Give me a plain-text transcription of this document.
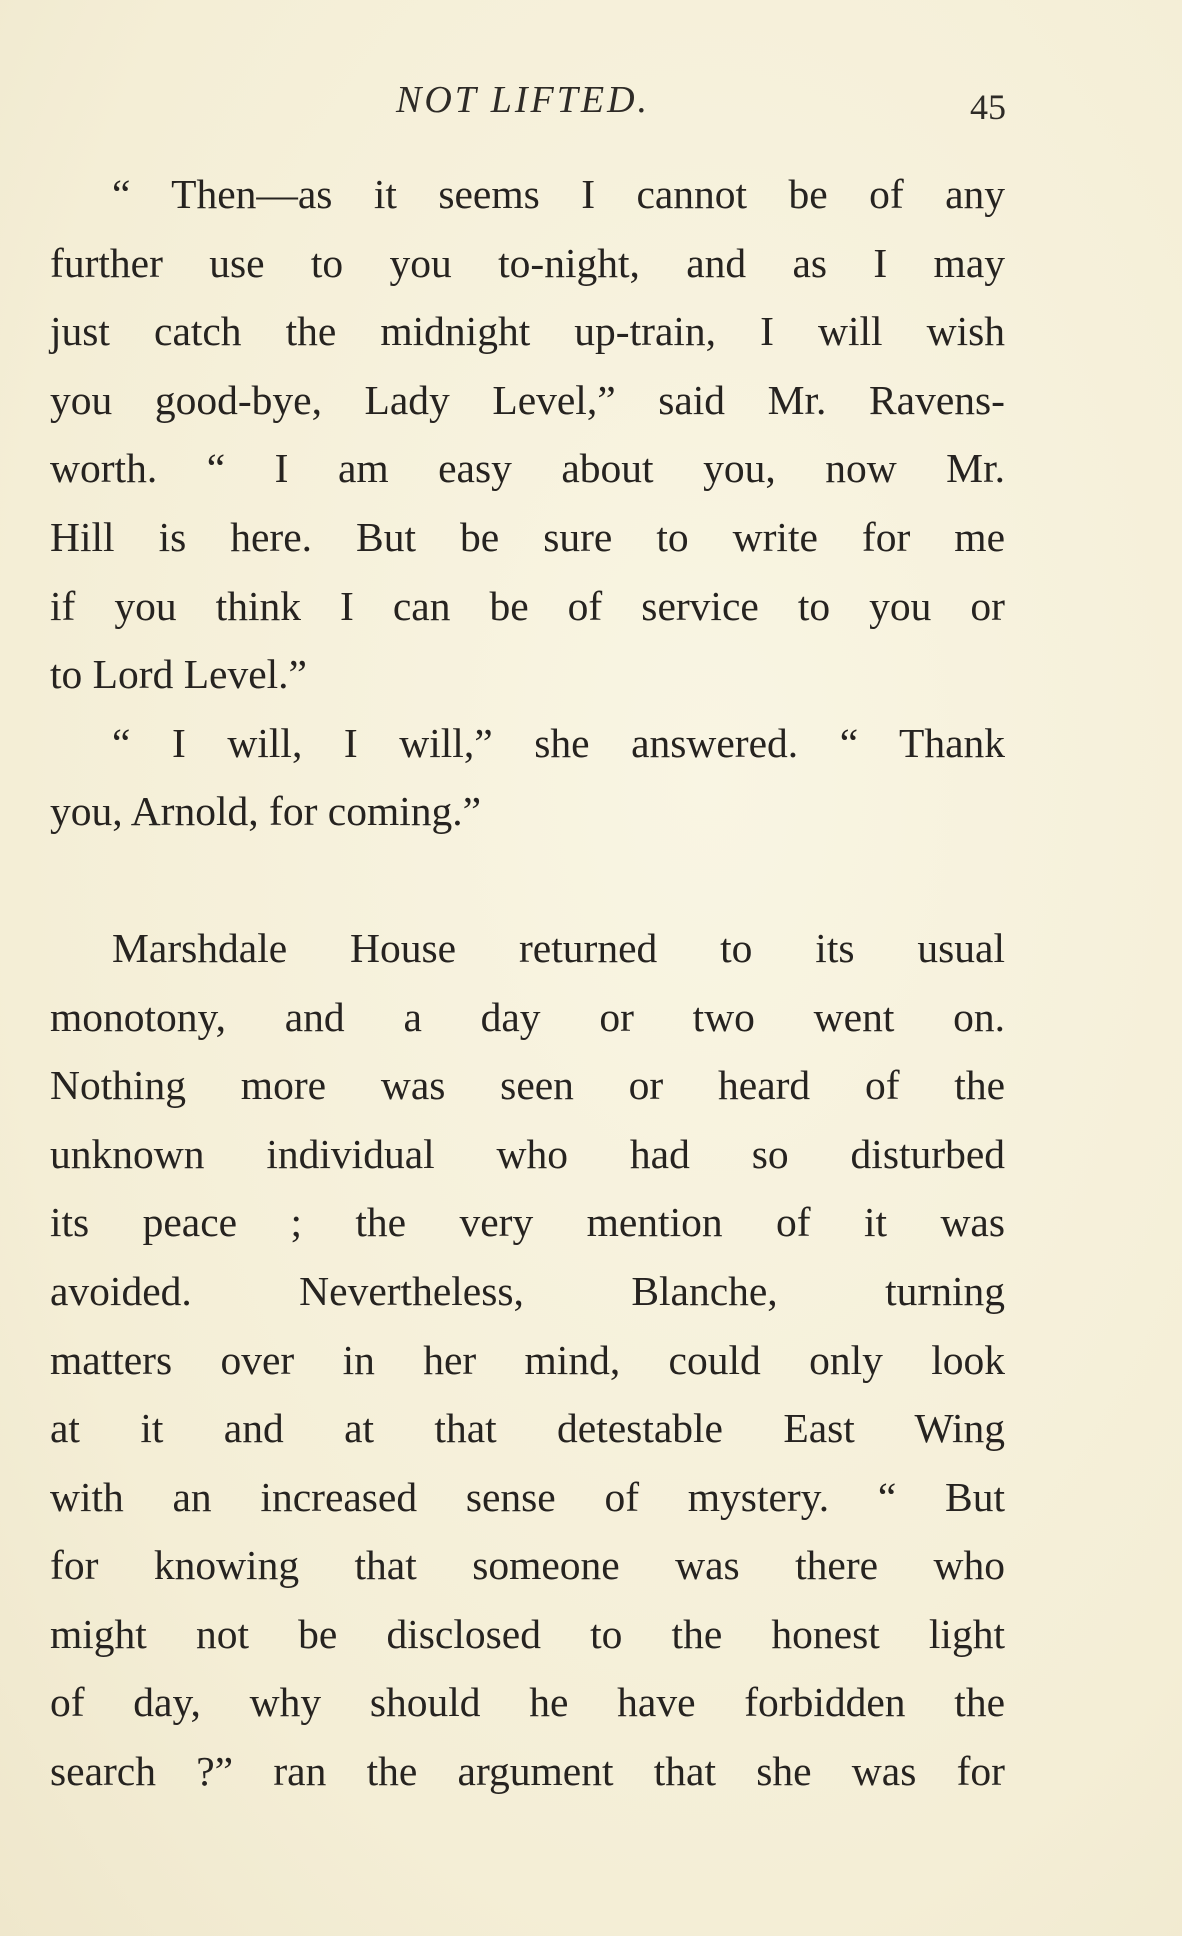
NOT LIFTED.	45
“ Then—as it seems I cannot be of any
further use to you to-night, and as I may
just catch the midnight up-train, I will wish
you good-bye, Lady Level,” said Mr. Ravens-
worth. “ I am easy about you, now Mr.
Hill is here. But be sure to write for me
if you think I can be of service to you or
to Lord Level.”
“ I will, I will,” she answered. “ Thank
you, Arnold, for coming.”
Marshdale House returned to its usual
monotony, and a day or two went on.
Nothing more was seen or heard of the
unknown individual who had so disturbed
its peace ; the very mention of it was
avoided. Nevertheless, Blanche, turning
matters over in her mind, could only look
at it and at that detestable East Wing
with an increased sense of mystery. “ But
for knowing that someone was there who
might not be disclosed to the honest light
of day, why should he have forbidden the
search ?” ran the argument that she was for
